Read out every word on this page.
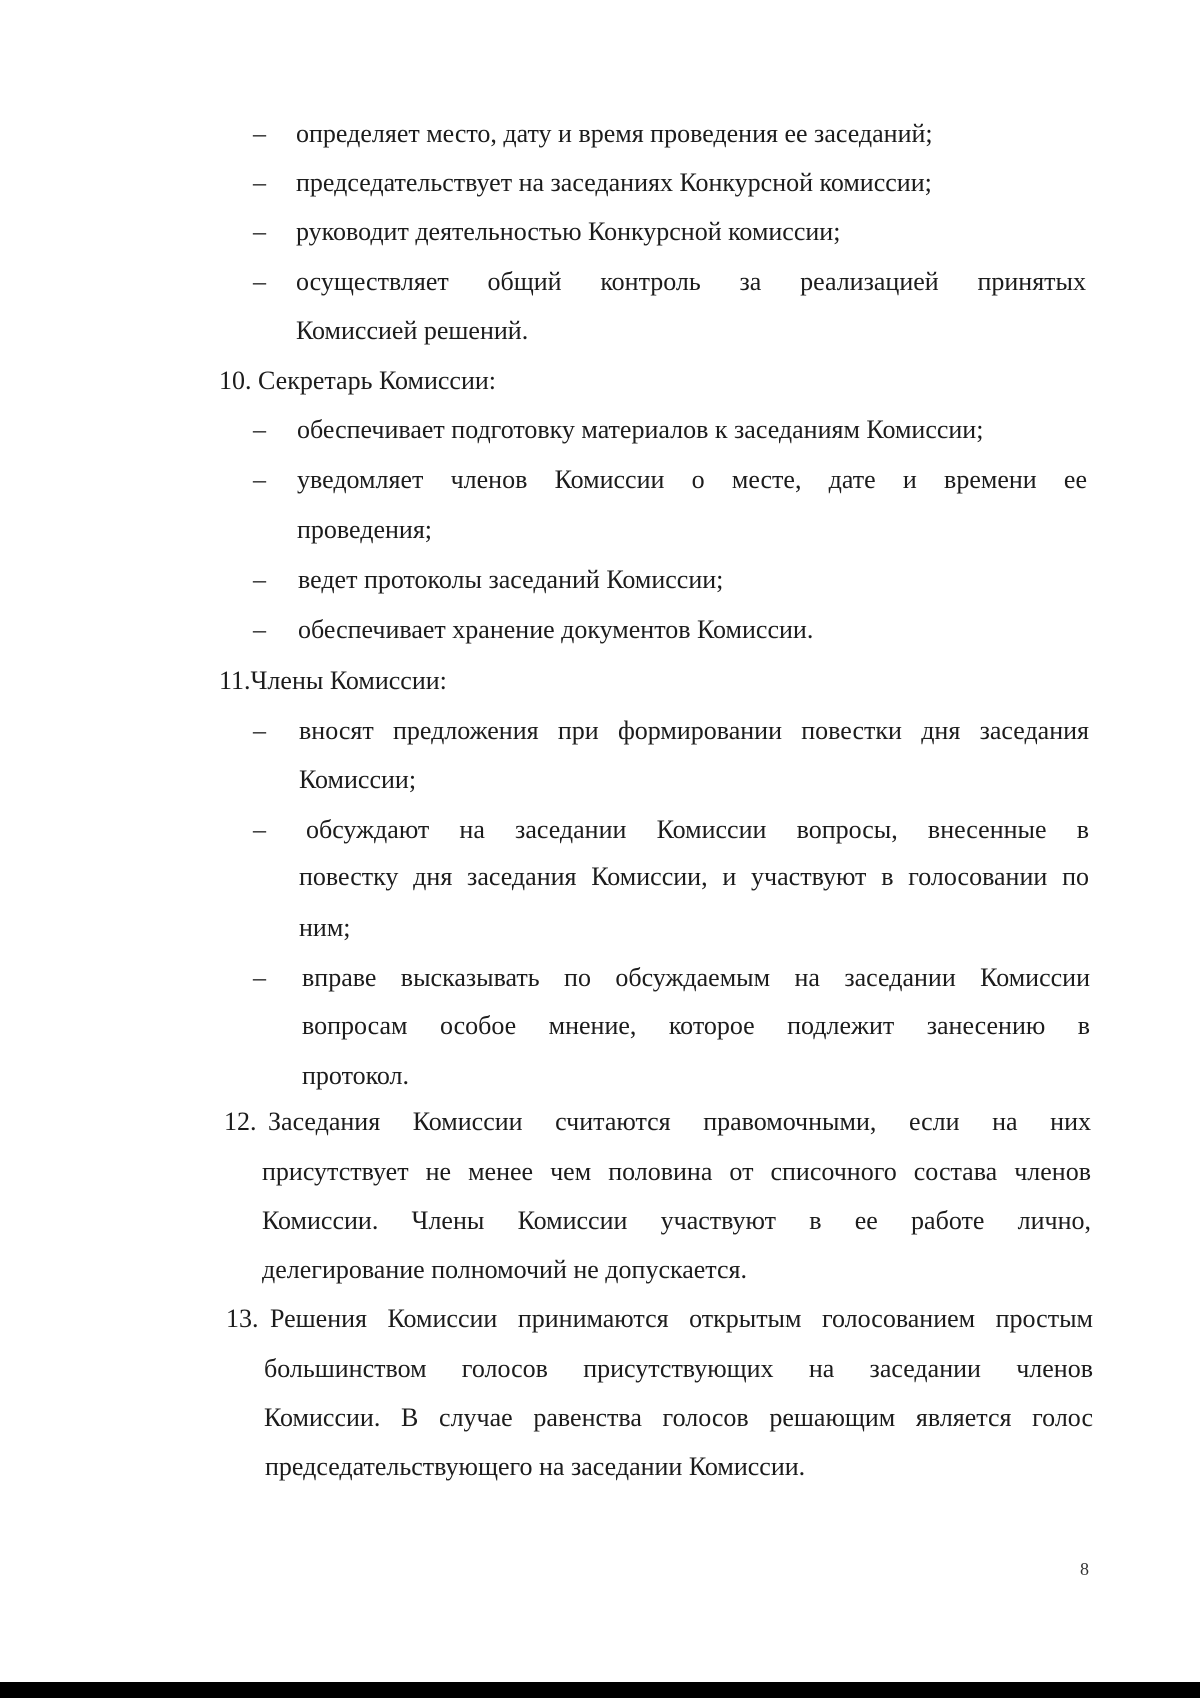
– определяет место, дату и время проведения ее заседаний;
– председательствует на заседаниях Конкурсной комиссии;
– руководит деятельностью Конкурсной комиссии;
– осуществляет общий контроль за реализацией принятых
Комиссией решений.
10. Секретарь Комиссии:
– обеспечивает подготовку материалов к заседаниям Комиссии;
– уведомляет членов Комиссии о месте, дате и времени ее
проведения;
– ведет протоколы заседаний Комиссии;
– обеспечивает хранение документов Комиссии.
11.Члены Комиссии:
– вносят предложения при формировании повестки дня заседания
Комиссии;
– обсуждают на заседании Комиссии вопросы, внесенные в
повестку дня заседания Комиссии, и участвуют в голосовании по
ним;
– вправе высказывать по обсуждаемым на заседании Комиссии
вопросам особое мнение, которое подлежит занесению в
протокол.
12. Заседания Комиссии считаются правомочными, если на них
присутствует не менее чем половина от списочного состава членов
Комиссии. Члены Комиссии участвуют в ее работе лично,
делегирование полномочий не допускается.
13. Решения Комиссии принимаются открытым голосованием простым
большинством голосов присутствующих на заседании членов
Комиссии. В случае равенства голосов решающим является голос
председательствующего на заседании Комиссии.
8
